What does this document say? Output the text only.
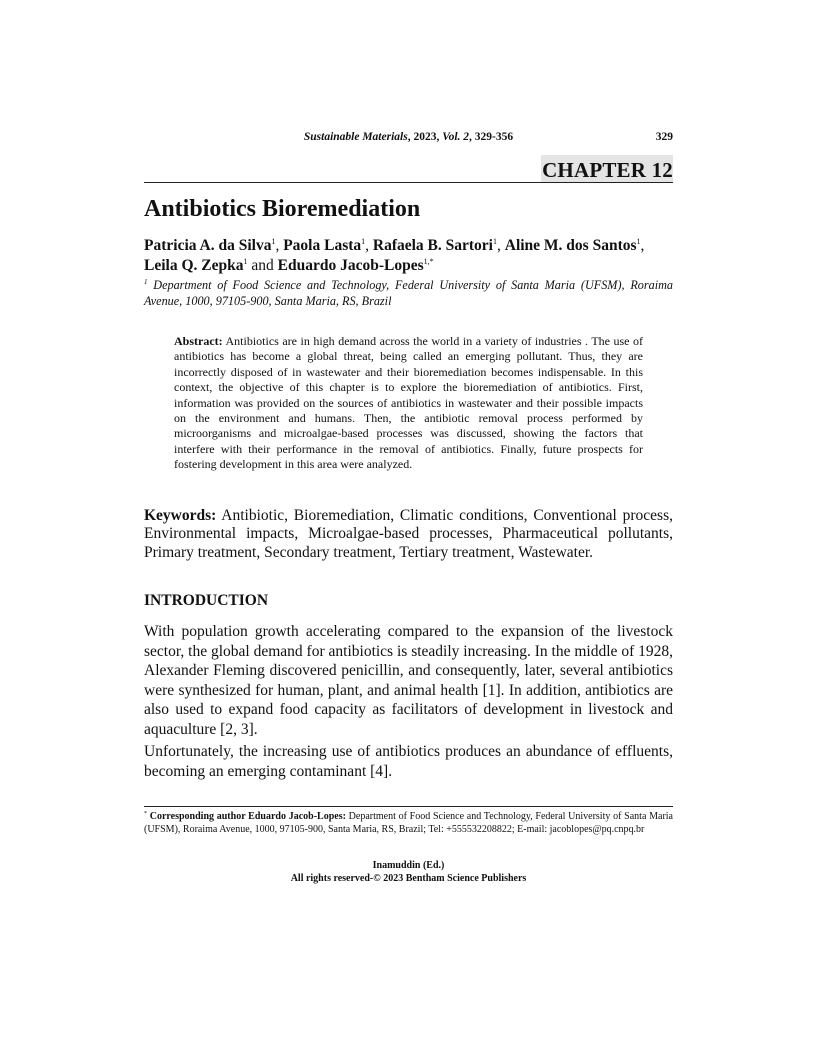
Sustainable Materials, 2023, Vol. 2, 329-356	329
CHAPTER 12
Antibiotics Bioremediation
Patricia A. da Silva$^1$, Paola Lasta$^1$, Rafaela B. Sartori$^1$, Aline M. dos Santos$^1$,
Leila Q. Zepka$^1$ and Eduardo Jacob-Lopes$^{1,*}$
$^1$ Department of Food Science and Technology, Federal University of Santa Maria (UFSM), Roraima Avenue, 1000, 97105-900, Santa Maria, RS, Brazil
Abstract: Antibiotics are in high demand across the world in a variety of industries . The use of antibiotics has become a global threat, being called an emerging pollutant. Thus, they are incorrectly disposed of in wastewater and their bioremediation becomes indispensable. In this context, the objective of this chapter is to explore the bioremediation of antibiotics. First, information was provided on the sources of antibiotics in wastewater and their possible impacts on the environment and humans. Then, the antibiotic removal process performed by microorganisms and microalgae-based processes was discussed, showing the factors that interfere with their performance in the removal of antibiotics. Finally, future prospects for fostering development in this area were analyzed.
Keywords: Antibiotic, Bioremediation, Climatic conditions, Conventional process, Environmental impacts, Microalgae-based processes, Pharmaceutical pollutants, Primary treatment, Secondary treatment, Tertiary treatment, Wastewater.
INTRODUCTION
With population growth accelerating compared to the expansion of the livestock sector, the global demand for antibiotics is steadily increasing. In the middle of 1928, Alexander Fleming discovered penicillin, and consequently, later, several antibiotics were synthesized for human, plant, and animal health [1]. In addition, antibiotics are also used to expand food capacity as facilitators of development in livestock and aquaculture [2, 3].
Unfortunately, the increasing use of antibiotics produces an abundance of effluents, becoming an emerging contaminant [4].
* Corresponding author Eduardo Jacob-Lopes: Department of Food Science and Technology, Federal University of Santa Maria (UFSM), Roraima Avenue, 1000, 97105-900, Santa Maria, RS, Brazil; Tel: +555532208822; E-mail: jacoblopes@pq.cnpq.br
Inamuddin (Ed.)
All rights reserved-© 2023 Bentham Science Publishers
